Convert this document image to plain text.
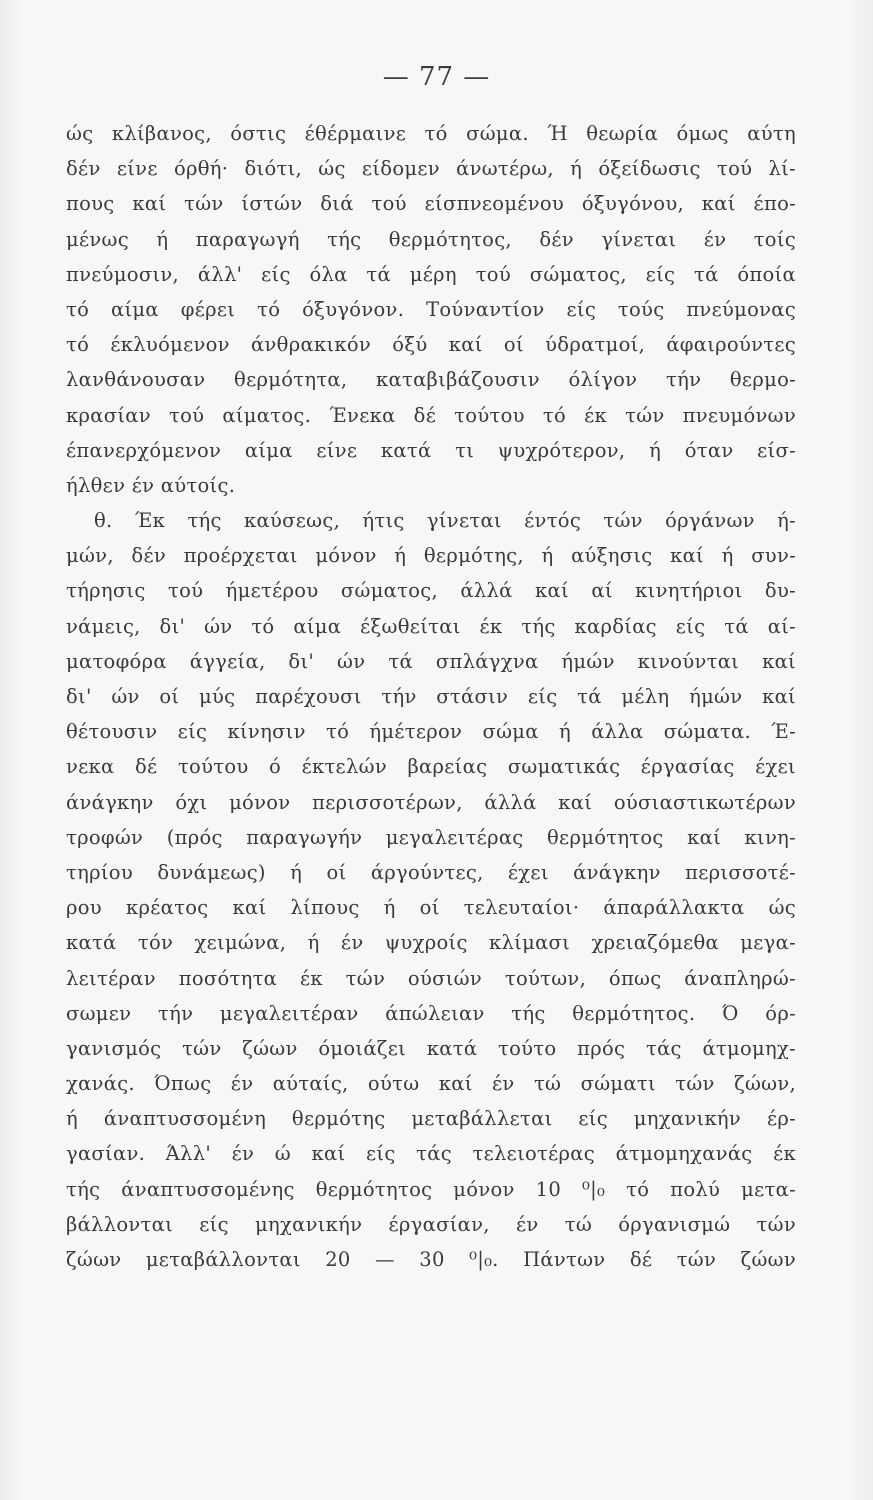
— 77 —
ώς κλίβανος, όστις έθέρμαινε τό σώμα. Ή θεωρία όμως αύτη
δέν είνε όρθή· διότι, ώς είδομεν άνωτέρω, ή όξείδωσις τού λί-
πους καί τών ίστών διά τού είσπνεομένου όξυγόνου, καί έπο-
μένως ή παραγωγή τής θερμότητος, δέν γίνεται έν τοίς
πνεύμοσιν, άλλ' είς όλα τά μέρη τού σώματος, είς τά όποία
τό αίμα φέρει τό όξυγόνον. Τούναντίον είς τούς πνεύμονας
τό έκλυόμενον άνθρακικόν όξύ καί οί ύδρατμοί, άφαιρούντες
λανθάνουσαν θερμότητα, καταβιβάζουσιν όλίγον τήν θερμο-
κρασίαν τού αίματος. Ένεκα δέ τούτου τό έκ τών πνευμόνων
έπανερχόμενον αίμα είνε κατά τι ψυχρότερον, ή όταν είσ-
ήλθεν έν αύτοίς.
θ. Έκ τής καύσεως, ήτις γίνεται έντός τών όργάνων ή-
μών, δέν προέρχεται μόνον ή θερμότης, ή αύξησις καί ή συν-
τήρησις τού ήμετέρου σώματος, άλλά καί αί κινητήριοι δυ-
νάμεις, δι' ών τό αίμα έξωθείται έκ τής καρδίας είς τά αί-
ματοφόρα άγγεία, δι' ών τά σπλάγχνα ήμών κινούνται καί
δι' ών οί μύς παρέχουσι τήν στάσιν είς τά μέλη ήμών καί
θέτουσιν είς κίνησιν τό ήμέτερον σώμα ή άλλα σώματα. Έ-
νεκα δέ τούτου ό έκτελών βαρείας σωματικάς έργασίας έχει
άνάγκην όχι μόνον περισσοτέρων, άλλά καί ούσιαστικωτέρων
τροφών (πρός παραγωγήν μεγαλειτέρας θερμότητος καί κινη-
τηρίου δυνάμεως) ή οί άργούντες, έχει άνάγκην περισσοτέ-
ρου κρέατος καί λίπους ή οί τελευταίοι· άπαράλλακτα ώς
κατά τόν χειμώνα, ή έν ψυχροίς κλίμασι χρειαζόμεθα μεγα-
λειτέραν ποσότητα έκ τών ούσιών τούτων, όπως άναπληρώ-
σωμεν τήν μεγαλειτέραν άπώλειαν τής θερμότητος. Ό όρ-
γανισμός τών ζώων όμοιάζει κατά τούτο πρός τάς άτμομηχ-
χανάς. Όπως έν αύταίς, ούτω καί έν τώ σώματι τών ζώων,
ή άναπτυσσομένη θερμότης μεταβάλλεται είς μηχανικήν έρ-
γασίαν. Άλλ' έν ώ καί είς τάς τελειοτέρας άτμομηχανάς έκ
τής άναπτυσσομένης θερμότητος μόνον 10 ⁰|₀ τό πολύ μετα-
βάλλονται είς μηχανικήν έργασίαν, έν τώ όργανισμώ τών
ζώων μεταβάλλονται 20 — 30 ⁰|₀. Πάντων δέ τών ζώων
